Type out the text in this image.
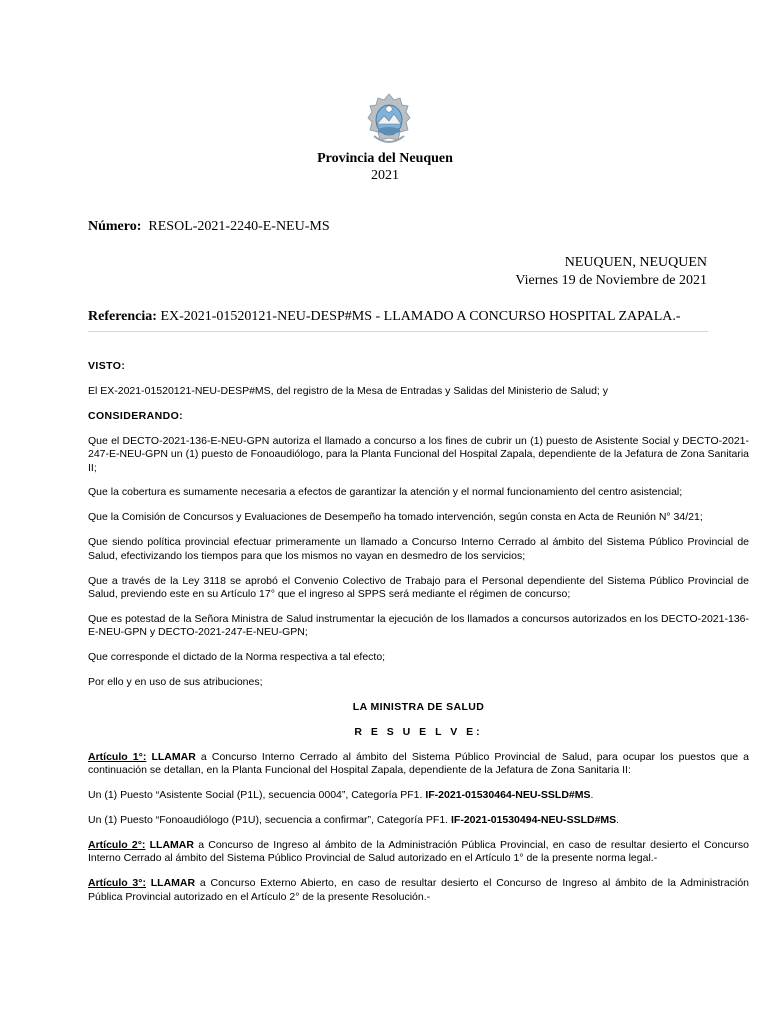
Provincia del Neuquen
2021
Número: RESOL-2021-2240-E-NEU-MS
NEUQUEN, NEUQUEN
Viernes 19 de Noviembre de 2021
Referencia: EX-2021-01520121-NEU-DESP#MS - LLAMADO A CONCURSO HOSPITAL ZAPALA.-

VISTO:

El EX-2021-01520121-NEU-DESP#MS, del registro de la Mesa de Entradas y Salidas del Ministerio de Salud; y

CONSIDERANDO:

Que el DECTO-2021-136-E-NEU-GPN autoriza el llamado a concurso a los fines de cubrir un (1) puesto de Asistente Social y DECTO-2021-247-E-NEU-GPN un (1) puesto de Fonoaudiólogo, para la Planta Funcional del Hospital Zapala, dependiente de la Jefatura de Zona Sanitaria II;

Que la cobertura es sumamente necesaria a efectos de garantizar la atención y el normal funcionamiento del centro asistencial;

Que la Comisión de Concursos y Evaluaciones de Desempeño ha tomado intervención, según consta en Acta de Reunión N° 34/21;

Que siendo política provincial efectuar primeramente un llamado a Concurso Interno Cerrado al ámbito del Sistema Público Provincial de Salud, efectivizando los tiempos para que los mismos no vayan en desmedro de los servicios;

Que a través de la Ley 3118 se aprobó el Convenio Colectivo de Trabajo para el Personal dependiente del Sistema Público Provincial de Salud, previendo este en su Artículo 17° que el ingreso al SPPS será mediante el régimen de concurso;

Que es potestad de la Señora Ministra de Salud instrumentar la ejecución de los llamados a concursos autorizados en los DECTO-2021-136-E-NEU-GPN y DECTO-2021-247-E-NEU-GPN;

Que corresponde el dictado de la Norma respectiva a tal efecto;

Por ello y en uso de sus atribuciones;

LA MINISTRA DE SALUD

R E S U E L V E:

Artículo 1°: LLAMAR a Concurso Interno Cerrado al ámbito del Sistema Público Provincial de Salud, para ocupar los puestos que a continuación se detallan, en la Planta Funcional del Hospital Zapala, dependiente de la Jefatura de Zona Sanitaria II:

Un (1) Puesto “Asistente Social (P1L), secuencia 0004”, Categoría PF1. IF-2021-01530464-NEU-SSLD#MS.

Un (1) Puesto “Fonoaudiólogo (P1U), secuencia a confirmar”, Categoría PF1. IF-2021-01530494-NEU-SSLD#MS.

Artículo 2°: LLAMAR a Concurso de Ingreso al ámbito de la Administración Pública Provincial, en caso de resultar desierto el Concurso Interno Cerrado al ámbito del Sistema Público Provincial de Salud autorizado en el Artículo 1° de la presente norma legal.-

Artículo 3°: LLAMAR a Concurso Externo Abierto, en caso de resultar desierto el Concurso de Ingreso al ámbito de la Administración Pública Provincial autorizado en el Artículo 2° de la presente Resolución.-
